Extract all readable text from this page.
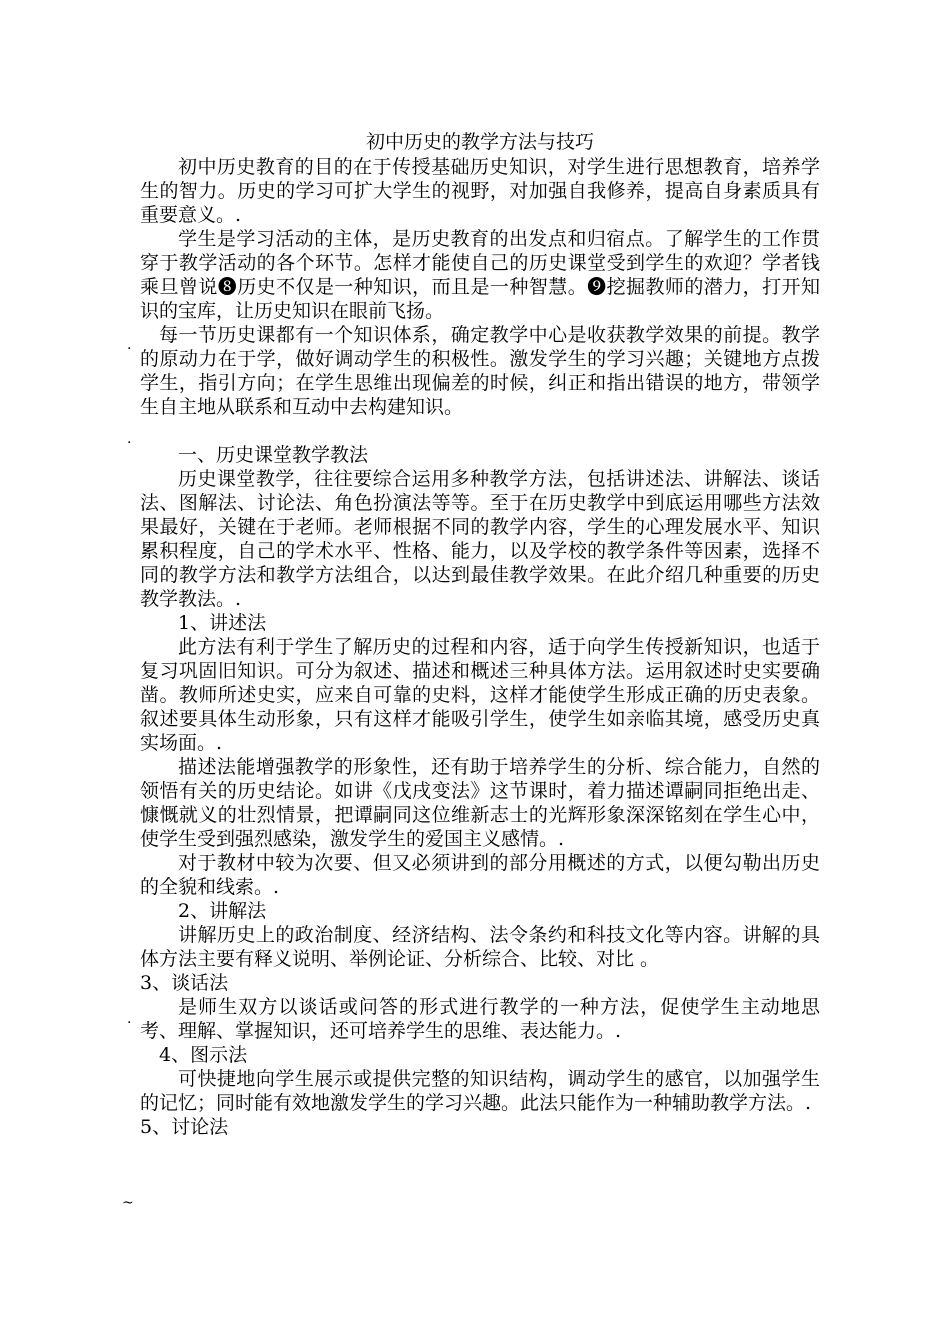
.
.
.
~

初中历史的教学方法与技巧

初中历史教育的目的在于传授基础历史知识，对学生进行思想教育，培养学生的智力。历史的学习可扩大学生的视野，对加强自我修养，提高自身素质具有重要意义。.

学生是学习活动的主体，是历史教育的出发点和归宿点。了解学生的工作贯穿于教学活动的各个环节。怎样才能使自己的历史课堂受到学生的欢迎？学者钱乘旦曾说❽历史不仅是一种知识，而且是一种智慧。❾挖掘教师的潜力，打开知识的宝库，让历史知识在眼前飞扬。

每一节历史课都有一个知识体系，确定教学中心是收获教学效果的前提。教学的原动力在于学，做好调动学生的积极性。激发学生的学习兴趣；关键地方点拨学生，指引方向；在学生思维出现偏差的时候，纠正和指出错误的地方，带领学生自主地从联系和互动中去构建知识。

一、历史课堂教学教法

历史课堂教学，往往要综合运用多种教学方法，包括讲述法、讲解法、谈话法、图解法、讨论法、角色扮演法等等。至于在历史教学中到底运用哪些方法效果最好，关键在于老师。老师根据不同的教学内容，学生的心理发展水平、知识累积程度，自己的学术水平、性格、能力，以及学校的教学条件等因素，选择不同的教学方法和教学方法组合，以达到最佳教学效果。在此介绍几种重要的历史教学教法。.

1、讲述法

此方法有利于学生了解历史的过程和内容，适于向学生传授新知识，也适于复习巩固旧知识。可分为叙述、描述和概述三种具体方法。运用叙述时史实要确凿。教师所述史实，应来自可靠的史料，这样才能使学生形成正确的历史表象。叙述要具体生动形象，只有这样才能吸引学生，使学生如亲临其境，感受历史真实场面。.

描述法能增强教学的形象性，还有助于培养学生的分析、综合能力，自然的领悟有关的历史结论。如讲《戊戌变法》这节课时，着力描述谭嗣同拒绝出走、慷慨就义的壮烈情景，把谭嗣同这位维新志士的光辉形象深深铭刻在学生心中，使学生受到强烈感染，激发学生的爱国主义感情。.

对于教材中较为次要、但又必须讲到的部分用概述的方式，以便勾勒出历史的全貌和线索。.

2、讲解法

讲解历史上的政治制度、经济结构、法令条约和科技文化等内容。讲解的具体方法主要有释义说明、举例论证、分析综合、比较、对比 。

3、谈话法

是师生双方以谈话或问答的形式进行教学的一种方法，促使学生主动地思考、理解、掌握知识，还可培养学生的思维、表达能力。.

4、图示法

可快捷地向学生展示或提供完整的知识结构，调动学生的感官，以加强学生的记忆；同时能有效地激发学生的学习兴趣。此法只能作为一种辅助教学方法。.

5、讨论法
